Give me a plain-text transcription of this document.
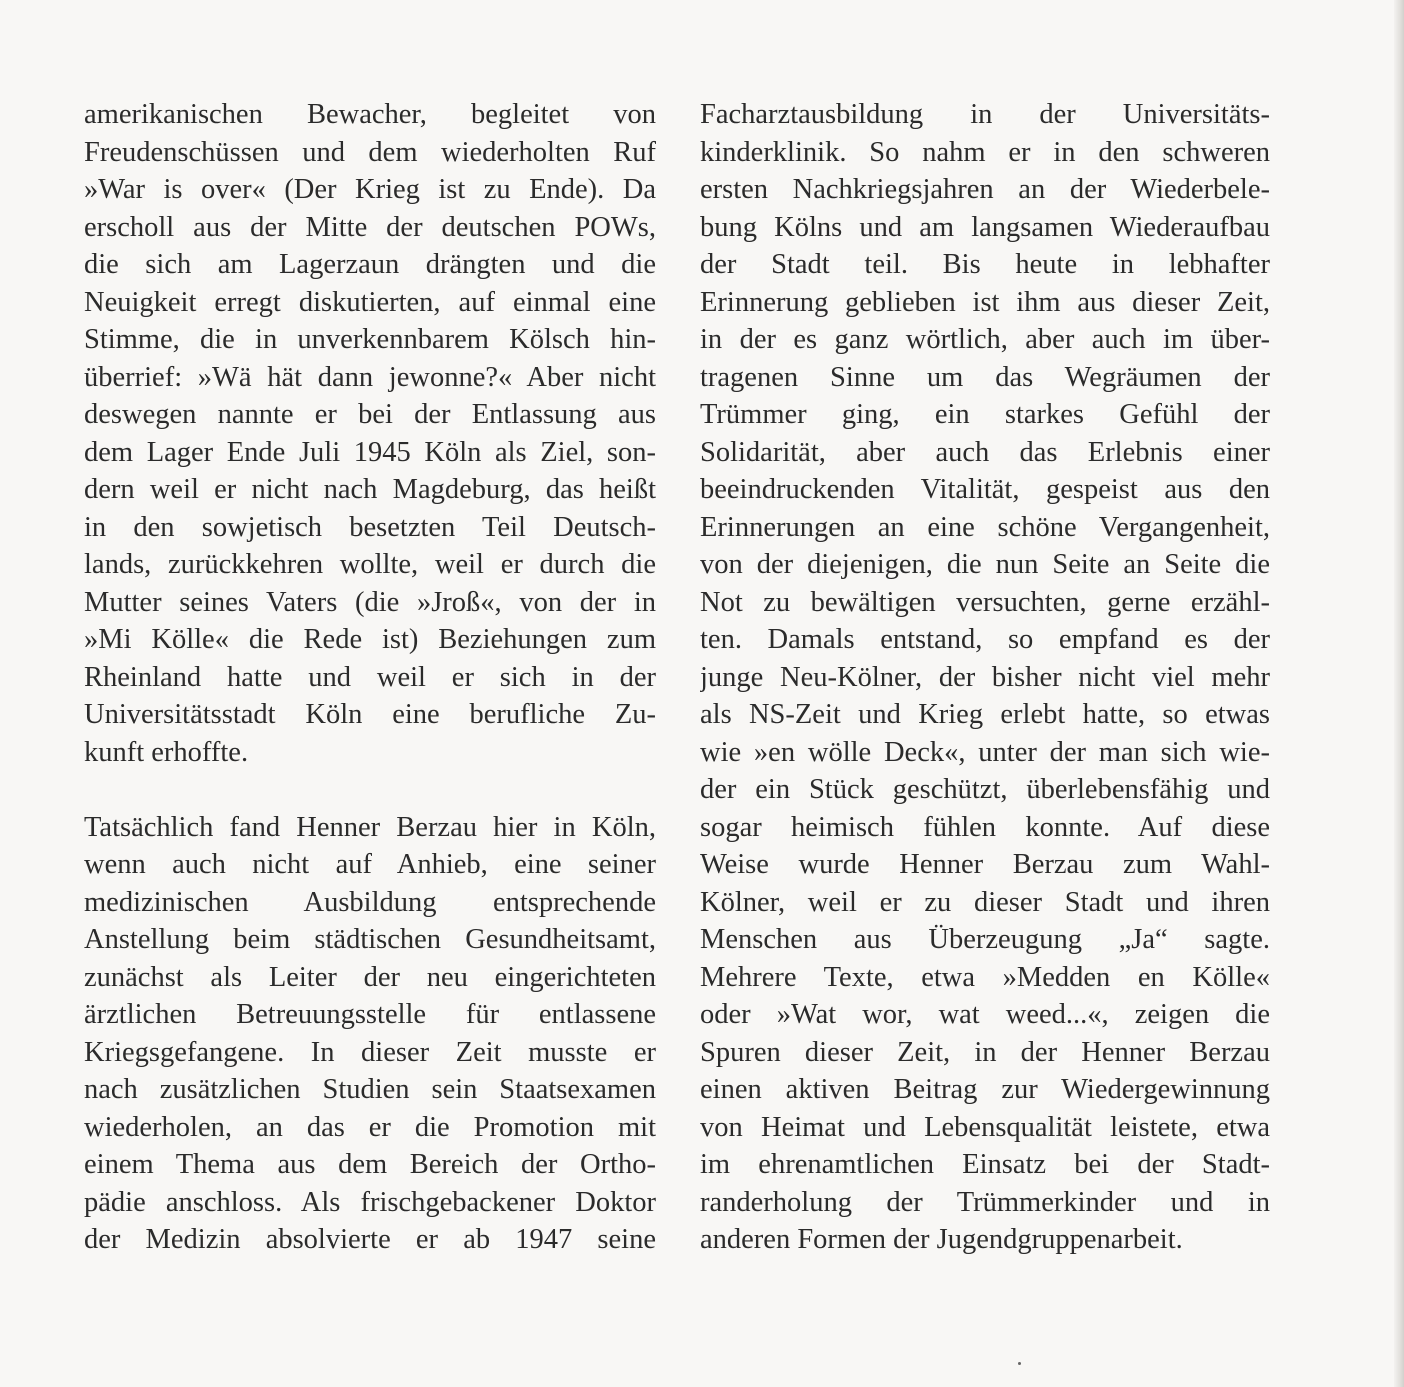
amerikanischen Bewacher, begleitet von
Freudenschüssen und dem wiederholten Ruf
»War is over« (Der Krieg ist zu Ende). Da
erscholl aus der Mitte der deutschen POWs,
die sich am Lagerzaun drängten und die
Neuigkeit erregt diskutierten, auf einmal eine
Stimme, die in unverkennbarem Kölsch hin-
überrief: »Wä hät dann jewonne?« Aber nicht
deswegen nannte er bei der Entlassung aus
dem Lager Ende Juli 1945 Köln als Ziel, son-
dern weil er nicht nach Magdeburg, das heißt
in den sowjetisch besetzten Teil Deutsch-
lands, zurückkehren wollte, weil er durch die
Mutter seines Vaters (die »Jroß«, von der in
»Mi Kölle« die Rede ist) Beziehungen zum
Rheinland hatte und weil er sich in der
Universitätsstadt Köln eine berufliche Zu-
kunft erhoffte.
Tatsächlich fand Henner Berzau hier in Köln,
wenn auch nicht auf Anhieb, eine seiner
medizinischen Ausbildung entsprechende
Anstellung beim städtischen Gesundheitsamt,
zunächst als Leiter der neu eingerichteten
ärztlichen Betreuungsstelle für entlassene
Kriegsgefangene. In dieser Zeit musste er
nach zusätzlichen Studien sein Staatsexamen
wiederholen, an das er die Promotion mit
einem Thema aus dem Bereich der Ortho-
pädie anschloss. Als frischgebackener Doktor
der Medizin absolvierte er ab 1947 seine
Facharztausbildung in der Universitäts-
kinderklinik. So nahm er in den schweren
ersten Nachkriegsjahren an der Wiederbele-
bung Kölns und am langsamen Wiederaufbau
der Stadt teil. Bis heute in lebhafter
Erinnerung geblieben ist ihm aus dieser Zeit,
in der es ganz wörtlich, aber auch im über-
tragenen Sinne um das Wegräumen der
Trümmer ging, ein starkes Gefühl der
Solidarität, aber auch das Erlebnis einer
beeindruckenden Vitalität, gespeist aus den
Erinnerungen an eine schöne Vergangenheit,
von der diejenigen, die nun Seite an Seite die
Not zu bewältigen versuchten, gerne erzähl-
ten. Damals entstand, so empfand es der
junge Neu-Kölner, der bisher nicht viel mehr
als NS-Zeit und Krieg erlebt hatte, so etwas
wie »en wölle Deck«, unter der man sich wie-
der ein Stück geschützt, überlebensfähig und
sogar heimisch fühlen konnte. Auf diese
Weise wurde Henner Berzau zum Wahl-
Kölner, weil er zu dieser Stadt und ihren
Menschen aus Überzeugung „Ja“ sagte.
Mehrere Texte, etwa »Medden en Kölle«
oder »Wat wor, wat weed...«, zeigen die
Spuren dieser Zeit, in der Henner Berzau
einen aktiven Beitrag zur Wiedergewinnung
von Heimat und Lebensqualität leistete, etwa
im ehrenamtlichen Einsatz bei der Stadt-
randerholung der Trümmerkinder und in
anderen Formen der Jugendgruppenarbeit.
